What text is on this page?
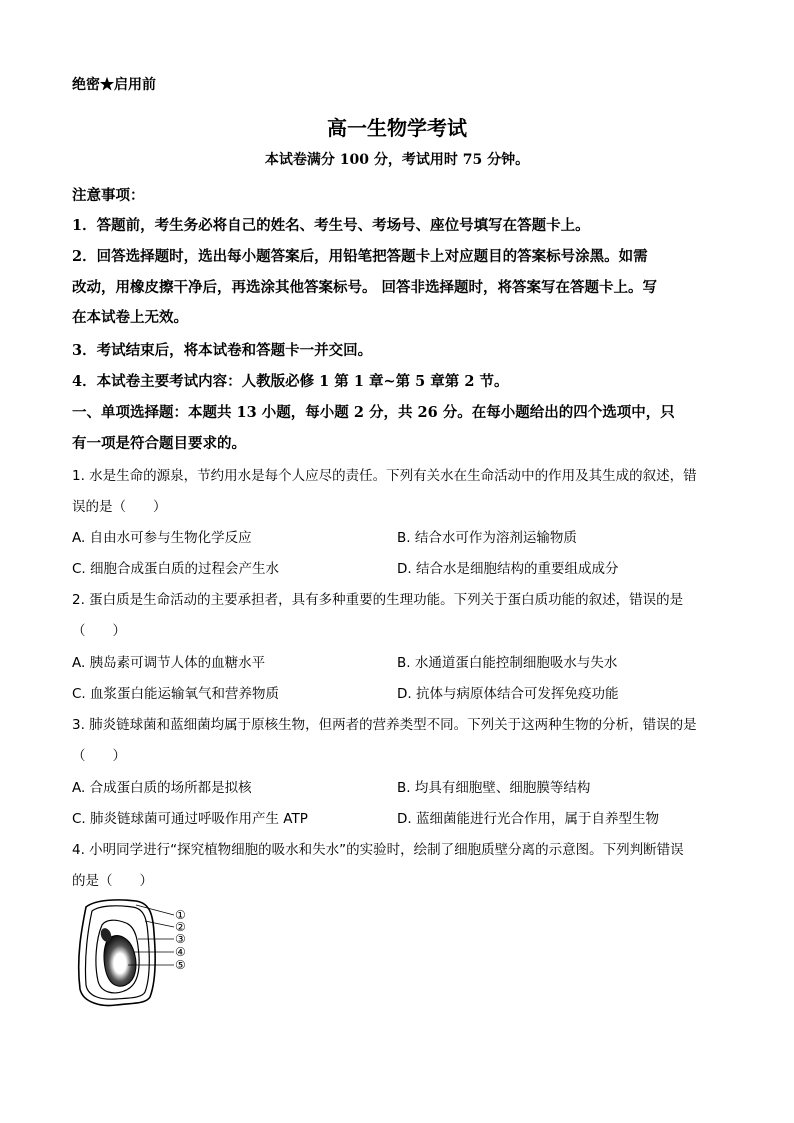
绝密★启用前
高一生物学考试
本试卷满分 100 分，考试用时 75 分钟。
注意事项：
1．答题前，考生务必将自己的姓名、考生号、考场号、座位号填写在答题卡上。
2．回答选择题时，选出每小题答案后，用铅笔把答题卡上对应题目的答案标号涂黑。如需
改动，用橡皮擦干净后，再选涂其他答案标号。 回答非选择题时，将答案写在答题卡上。写
在本试卷上无效。
3．考试结束后，将本试卷和答题卡一并交回。
4．本试卷主要考试内容：人教版必修 1 第 1 章~第 5 章第 2 节。
一、单项选择题：本题共 13 小题，每小题 2 分，共 26 分。在每小题给出的四个选项中，只
有一项是符合题目要求的。
1. 水是生命的源泉，节约用水是每个人应尽的责任。下列有关水在生命活动中的作用及其生成的叙述，错
误的是（　　）
A. 自由水可参与生物化学反应	B. 结合水可作为溶剂运输物质
C. 细胞合成蛋白质的过程会产生水	D. 结合水是细胞结构的重要组成成分
2. 蛋白质是生命活动的主要承担者，具有多种重要的生理功能。下列关于蛋白质功能的叙述，错误的是
（　　）
A. 胰岛素可调节人体的血糖水平	B. 水通道蛋白能控制细胞吸水与失水
C. 血浆蛋白能运输氧气和营养物质	D. 抗体与病原体结合可发挥免疫功能
3. 肺炎链球菌和蓝细菌均属于原核生物，但两者的营养类型不同。下列关于这两种生物的分析，错误的是
（　　）
A. 合成蛋白质的场所都是拟核	B. 均具有细胞壁、细胞膜等结构
C. 肺炎链球菌可通过呼吸作用产生 ATP	D. 蓝细菌能进行光合作用，属于自养型生物
4. 小明同学进行“探究植物细胞的吸水和失水”的实验时，绘制了细胞质壁分离的示意图。下列判断错误
的是（　　）
①
②
③
④
⑤
